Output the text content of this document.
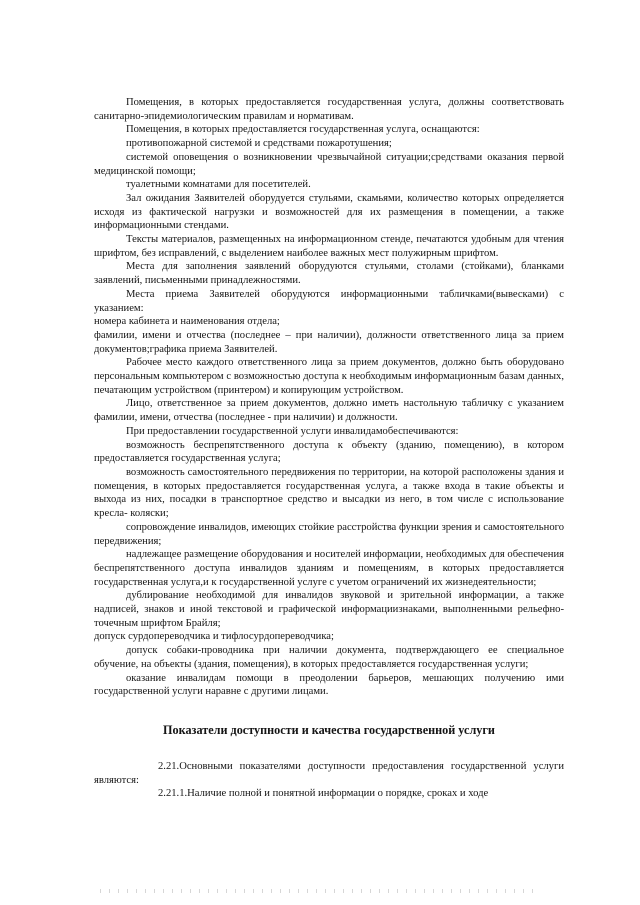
Помещения, в которых предоставляется государственная услуга, должны соответствовать санитарно-эпидемиологическим правилам и нормативам.

Помещения, в которых предоставляется государственная услуга, оснащаются:

противопожарной системой и средствами пожаротушения;

системой оповещения о возникновении чрезвычайной ситуации;средствами оказания первой медицинской помощи;

туалетными комнатами для посетителей.

Зал ожидания Заявителей оборудуется стульями, скамьями, количество которых определяется исходя из фактической нагрузки и возможностей для их размещения в помещении, а также информационными стендами.

Тексты материалов, размещенных на информационном стенде, печатаются удобным для чтения шрифтом, без исправлений, с выделением наиболее важных мест полужирным шрифтом.

Места для заполнения заявлений оборудуются стульями, столами (стойками), бланками заявлений, письменными принадлежностями.

Места приема Заявителей оборудуются информационными табличками(вывесками) с указанием:

номера кабинета и наименования отдела;

фамилии, имени и отчества (последнее – при наличии), должности ответственного лица за прием документов;графика приема Заявителей.

Рабочее место каждого ответственного лица за прием документов, должно быть оборудовано персональным компьютером с возможностью доступа к необходимым информационным базам данных, печатающим устройством (принтером) и копирующим устройством.

Лицо, ответственное за прием документов, должно иметь настольную табличку с указанием фамилии, имени, отчества (последнее - при наличии) и должности.

При предоставлении государственной услуги инвалидамобеспечиваются:

возможность беспрепятственного доступа к объекту (зданию, помещению), в котором предоставляется государственная услуга;

возможность самостоятельного передвижения по территории, на которой расположены здания и помещения, в которых предоставляется государственная услуга, а также входа в такие объекты и выхода из них, посадки в транспортное средство и высадки из него, в том числе с использование кресла- коляски;

сопровождение инвалидов, имеющих стойкие расстройства функции зрения и самостоятельного передвижения;

надлежащее размещение оборудования и носителей информации, необходимых для обеспечения беспрепятственного доступа инвалидов зданиям и помещениям, в которых предоставляется государственная услуга,и к государственной услуге с учетом ограничений их жизнедеятельности;

дублирование необходимой для инвалидов звуковой и зрительной информации, а также надписей, знаков и иной текстовой и графической информациизнаками, выполненными рельефно-точечным шрифтом Брайля;

допуск сурдопереводчика и тифлосурдопереводчика;

допуск собаки-проводника при наличии документа, подтверждающего ее специальное обучение, на объекты (здания, помещения), в которых предоставляется государственная услуги;

оказание инвалидам помощи в преодолении барьеров, мешающих получению ими государственной услуги наравне с другими лицами.

Показатели доступности и качества государственной услуги

2.21.Основными показателями доступности предоставления государственной услуги являются:

2.21.1.Наличие полной и понятной информации о порядке, сроках и ходе
